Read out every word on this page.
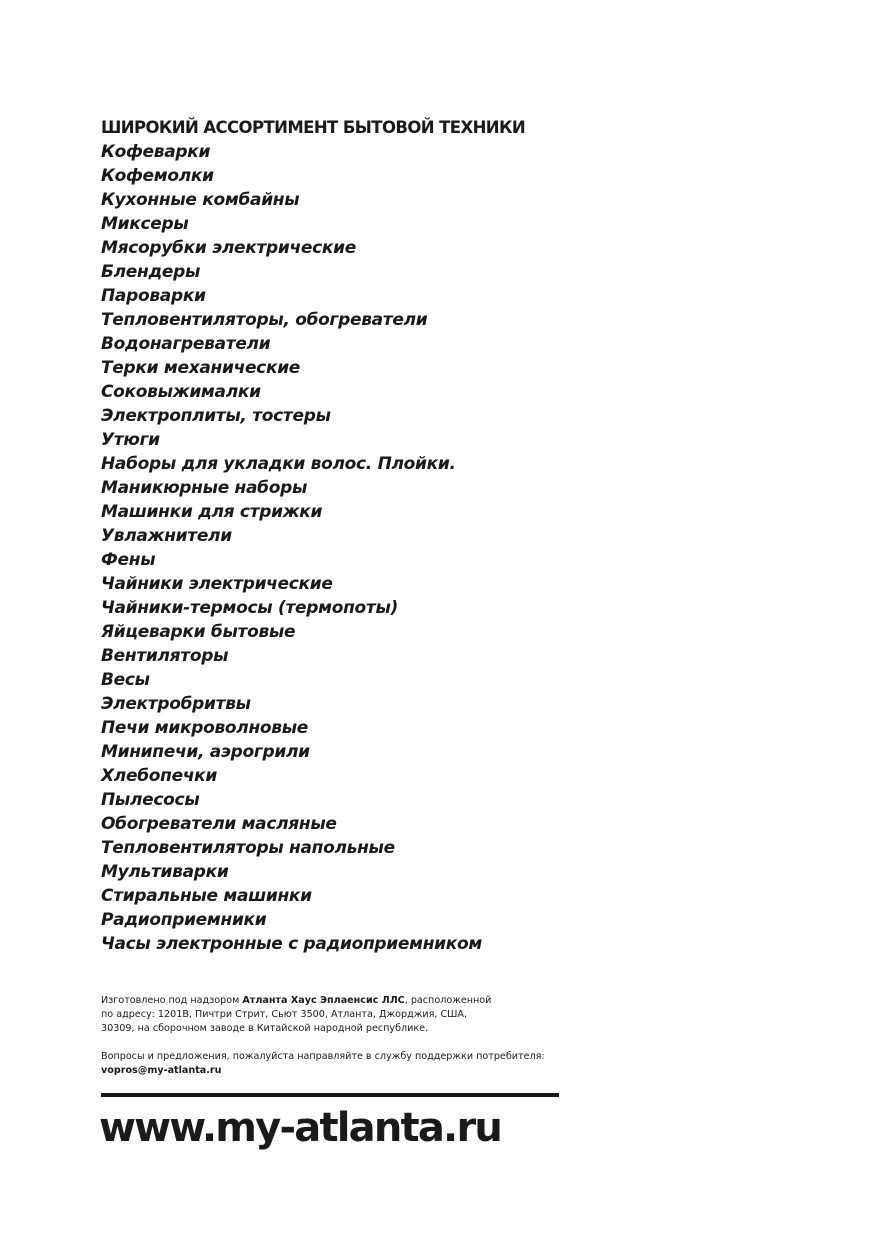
ШИРОКИЙ АССОРТИМЕНТ БЫТОВОЙ ТЕХНИКИ
Кофеварки
Кофемолки
Кухонные комбайны
Миксеры
Мясорубки электрические
Блендеры
Пароварки
Тепловентиляторы, обогреватели
Водонагреватели
Терки механические
Соковыжималки
Электроплиты, тостеры
Утюги
Наборы для укладки волос. Плойки.
Маникюрные наборы
Машинки для стрижки
Увлажнители
Фены
Чайники электрические
Чайники-термосы (термопоты)
Яйцеварки бытовые
Вентиляторы
Весы
Электробритвы
Печи микроволновые
Минипечи, аэрогрили
Хлебопечки
Пылесосы
Обогреватели масляные
Тепловентиляторы напольные
Мультиварки
Стиральные машинки
Радиоприемники
Часы электронные с радиоприемником

Изготовлено под надзором Атланта Хаус Эплаенсис ЛЛС, расположенной
по адресу: 1201B, Пичтри Стрит, Сьют 3500, Атланта, Джорджия, США,
30309, на сборочном заводе в Китайской народной республике.

Вопросы и предложения, пожалуйста направляйте в службу поддержки потребителя:
vopros@my-atlanta.ru

www.my-atlanta.ru
